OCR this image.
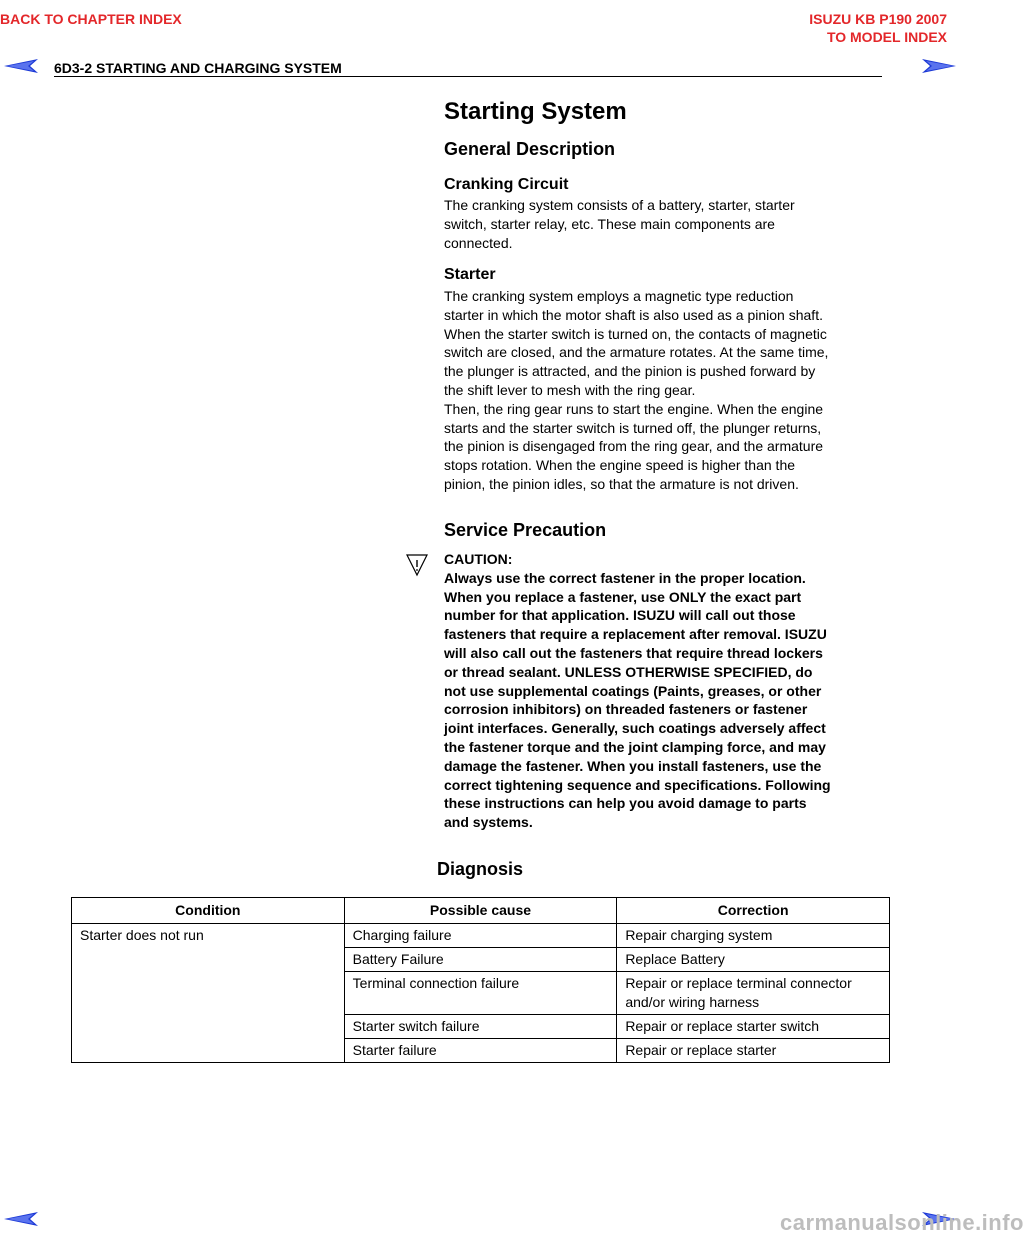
BACK TO CHAPTER INDEX	ISUZU KB P190 2007
TO MODEL INDEX
6D3-2 STARTING AND CHARGING SYSTEM
Starting System
General Description
Cranking Circuit
The cranking system consists of a battery, starter, starter
switch, starter relay, etc. These main components are
connected.
Starter
The cranking system employs a magnetic type reduction
starter in which the motor shaft is also used as a pinion shaft.
When the starter switch is turned on, the contacts of magnetic
switch are closed, and the armature rotates. At the same time,
the plunger is attracted, and the pinion is pushed forward by
the shift lever to mesh with the ring gear.
Then, the ring gear runs to start the engine. When the engine
starts and the starter switch is turned off, the plunger returns,
the pinion is disengaged from the ring gear, and the armature
stops rotation. When the engine speed is higher than the
pinion, the pinion idles, so that the armature is not driven.
Service Precaution
CAUTION:
Always use the correct fastener in the proper location.
When you replace a fastener, use ONLY the exact part
number for that application. ISUZU will call out those
fasteners that require a replacement after removal. ISUZU
will also call out the fasteners that require thread lockers
or thread sealant. UNLESS OTHERWISE SPECIFIED, do
not use supplemental coatings (Paints, greases, or other
corrosion inhibitors) on threaded fasteners or fastener
joint interfaces. Generally, such coatings adversely affect
the fastener torque and the joint clamping force, and may
damage the fastener. When you install fasteners, use the
correct tightening sequence and specifications. Following
these instructions can help you avoid damage to parts
and systems.
Diagnosis
Condition	Possible cause	Correction
Starter does not run	Charging failure	Repair charging system
	Battery Failure	Replace Battery
	Terminal connection failure	Repair or replace terminal connector
and/or wiring harness

	Starter switch failure	Repair or replace starter switch
	Starter failure	Repair or replace starter
carmanualsonline.info
